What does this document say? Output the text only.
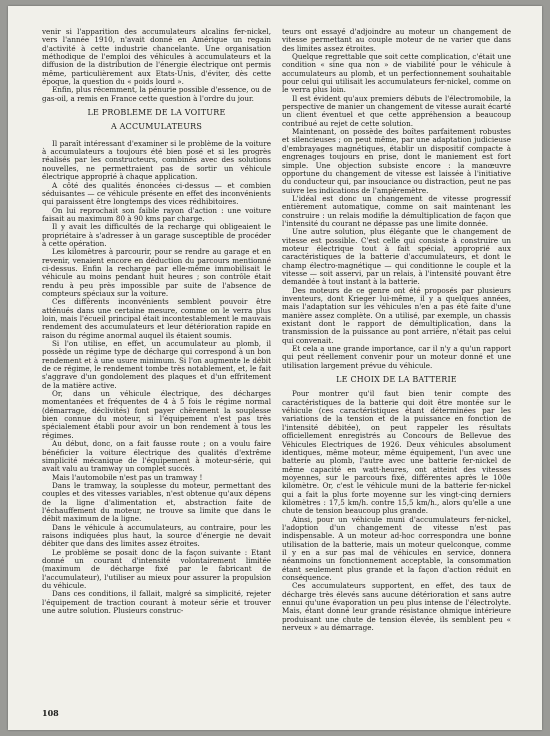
venir si l'apparition des accumulateurs alcalins fer-nickel, vers l'année 1910, n'avait donné en Amérique un regain d'activité à cette industrie chancelante. Une organisation méthodique de l'emploi des véhicules à accumulateurs et la diffusion de la distribution de l'énergie électrique ont permis même, particulièrement aux Etats-Unis, d'éviter, dès cette époque, la question du « poids lourd ».

Enfin, plus récemment, la pénurie possible d'essence, ou de gas-oil, a remis en France cette question à l'ordre du jour.

LE PROBLEME DE LA VOITURE

A ACCUMULATEURS

Il paraît intéressant d'examiner si le problème de la voiture à accumulateurs a toujours été bien posé et si les progrès réalisés par les constructeurs, combinés avec des solutions nouvelles, ne permettraient pas de sortir un véhicule électrique approprié à chaque application.

A côté des qualités énoncées ci-dessus — et combien séduisantes — ce véhicule présente en effet des inconvénients qui paraissent être longtemps des vices rédhibitoires.

On lui reprochait son faible rayon d'action : une voiture faisait au maximum 80 à 90 kms par charge.

Il y avait les difficultés de la recharge qui obligeaient le propriétaire à s'adresser à un garage susceptible de procéder à cette opération.

Les kilomètres à parcourir, pour se rendre au garage et en revenir, venaient encore en déduction du parcours mentionné ci-dessus. Enfin la recharge par elle-même immobilisait le véhicule au moins pendant huit heures ; son contrôle était rendu à peu près impossible par suite de l'absence de compteurs spéciaux sur la voiture.

Ces différents inconvénients semblent pouvoir être atténués dans une certaine mesure, comme on le verra plus loin, mais l'écueil principal était incontestablement le mauvais rendement des accumulateurs et leur détérioration rapide en raison du régime anormal auquel ils étaient soumis.

Si l'on utilise, en effet, un accumulateur au plomb, il possède un régime type de décharge qui correspond à un bon rendement et à une usure minimum. Si l'on augmente le débit de ce régime, le rendement tombe très notablement, et, le fait s'aggrave d'un gondolement des plaques et d'un effritement de la matière active.

Or, dans un véhicule électrique, des décharges momentanées et fréquentes de 4 à 5 fois le régime normal (démarrage, déclivités) font payer chèrement la souplesse bien connue du moteur, si l'équipement n'est pas très spécialement établi pour avoir un bon rendement à tous les régimes.

Au début, donc, on a fait fausse route ; on a voulu faire bénéficier la voiture électrique des qualités d'extrême simplicité mécanique de l'équipement à moteur-série, qui avait valu au tramway un complet succès.

Mais l'automobile n'est pas un tramway !

Dans le tramway, la souplesse du moteur, permettant des couples et des vitesses variables, n'est obtenue qu'aux dépens de la ligne d'alimentation et, abstraction faite de l'échauffement du moteur, ne trouve sa limite que dans le débit maximum de la ligne.

Dans le véhicule à accumulateurs, au contraire, pour les raisons indiquées plus haut, la source d'énergie ne devait débiter que dans des limites assez étroites.

Le problème se posait donc de la façon suivante : Etant donné un courant d'intensité volontairement limitée (maximum de décharge fixé par le fabricant de l'accumulateur), l'utiliser au mieux pour assurer la propulsion du véhicule.

Dans ces conditions, il fallait, malgré sa simplicité, rejeter l'équipement de traction courant à moteur série et trouver une autre solution. Plusieurs construc-

teurs ont essayé d'adjoindre au moteur un changement de vitesse permettant au couple moteur de ne varier que dans des limites assez étroites.

Quelque regrettable que soit cette complication, c'était une condition « sine qua non » de viabilité pour le véhicule à accumulateurs au plomb, et un perfectionnement souhaitable pour celui qui utilisait les accumulateurs fer-nickel, comme on le verra plus loin.

Il est évident qu'aux premiers débuts de l'électromobile, la perspective de manier un changement de vitesse aurait écarté un client éventuel et que cette appréhension a beaucoup contribué au rejet de cette solution.

Maintenant, on possède des boîtes parfaitement robustes et silencieuses ; on peut même, par une adaptation judicieuse d'embrayages magnétiques, établir un dispositif compacte à engrenages toujours en prise, dont le maniement est fort simple. Une objection subsiste encore : la manœuvre opportune du changement de vitesse est laissée à l'initiative du conducteur qui, par insouciance ou distraction, peut ne pas suivre les indications de l'ampèremètre.

L'idéal est donc un changement de vitesse progressif entièrement automatique, comme on sait maintenant les construire : un relais modifie la démultiplication de façon que l'intensité du courant ne dépasse pas une limite donnée.

Une autre solution, plus élégante que le changement de vitesse est possible. C'est celle qui consiste à construire un moteur électrique tout à fait spécial, approprié aux caractéristiques de la batterie d'accumulateurs, et dont le champ électro-magnétique — qui conditionne le couple et la vitesse — soit asservi, par un relais, à l'intensité pouvant être demandée à tout instant à la batterie.

Des moteurs de ce genre ont été proposés par plusieurs inventeurs, dont Krieger lui-même, il y a quelques années, mais l'adaptation sur les véhicules n'en a pas été faite d'une manière assez complète. On a utilisé, par exemple, un chassis existant dont le rapport de démultiplication, dans la transmission de la puissance au pont arrière, n'était pas celui qui convenait.

Et cela a une grande importance, car il n'y a qu'un rapport qui peut réellement convenir pour un moteur donné et une utilisation largement prévue du véhicule.

LE CHOIX DE LA BATTERIE

Pour montrer qu'il faut bien tenir compte des caractéristiques de la batterie qui doit être montée sur le véhicule (ces caractéristiques étant déterminées par les variations de la tension et de la puissance en fonction de l'intensité débitée), on peut rappeler les résultats officiellement enregistrés au Concours de Bellevue des Véhicules Electriques de 1926. Deux véhicules absolument identiques, même moteur, même équipement, l'un avec une batterie au plomb, l'autre avec une batterie fer-nickel de même capacité en watt-heures, ont atteint des vitesses moyennes, sur le parcours fixé, différentes après le 100e kilomètre. Or, c'est le véhicule muni de la batterie fer-nickel qui a fait la plus forte moyenne sur les vingt-cinq derniers kilomètres : 17,5 km/h. contre 15,5 km/h., alors qu'elle a une chute de tension beaucoup plus grande.

Ainsi, pour un véhicule muni d'accumulateurs fer-nickel, l'adoption d'un changement de vitesse n'est pas indispensable. A un moteur ad-hoc correspondra une bonne utilisation de la batterie, mais un moteur quelconque, comme il y en a sur pas mal de véhicules en service, donnera néanmoins un fonctionnement acceptable, la consommation étant seulement plus grande et la façon d'action réduit en conséquence.

Ces accumulateurs supportent, en effet, des taux de décharge très élevés sans aucune détérioration et sans autre ennui qu'une évaporation un peu plus intense de l'électrolyte. Mais, étant donné leur grande résistance ohmique intérieure produisant une chute de tension élevée, ils semblent peu « nerveux » au démarrage.

108
